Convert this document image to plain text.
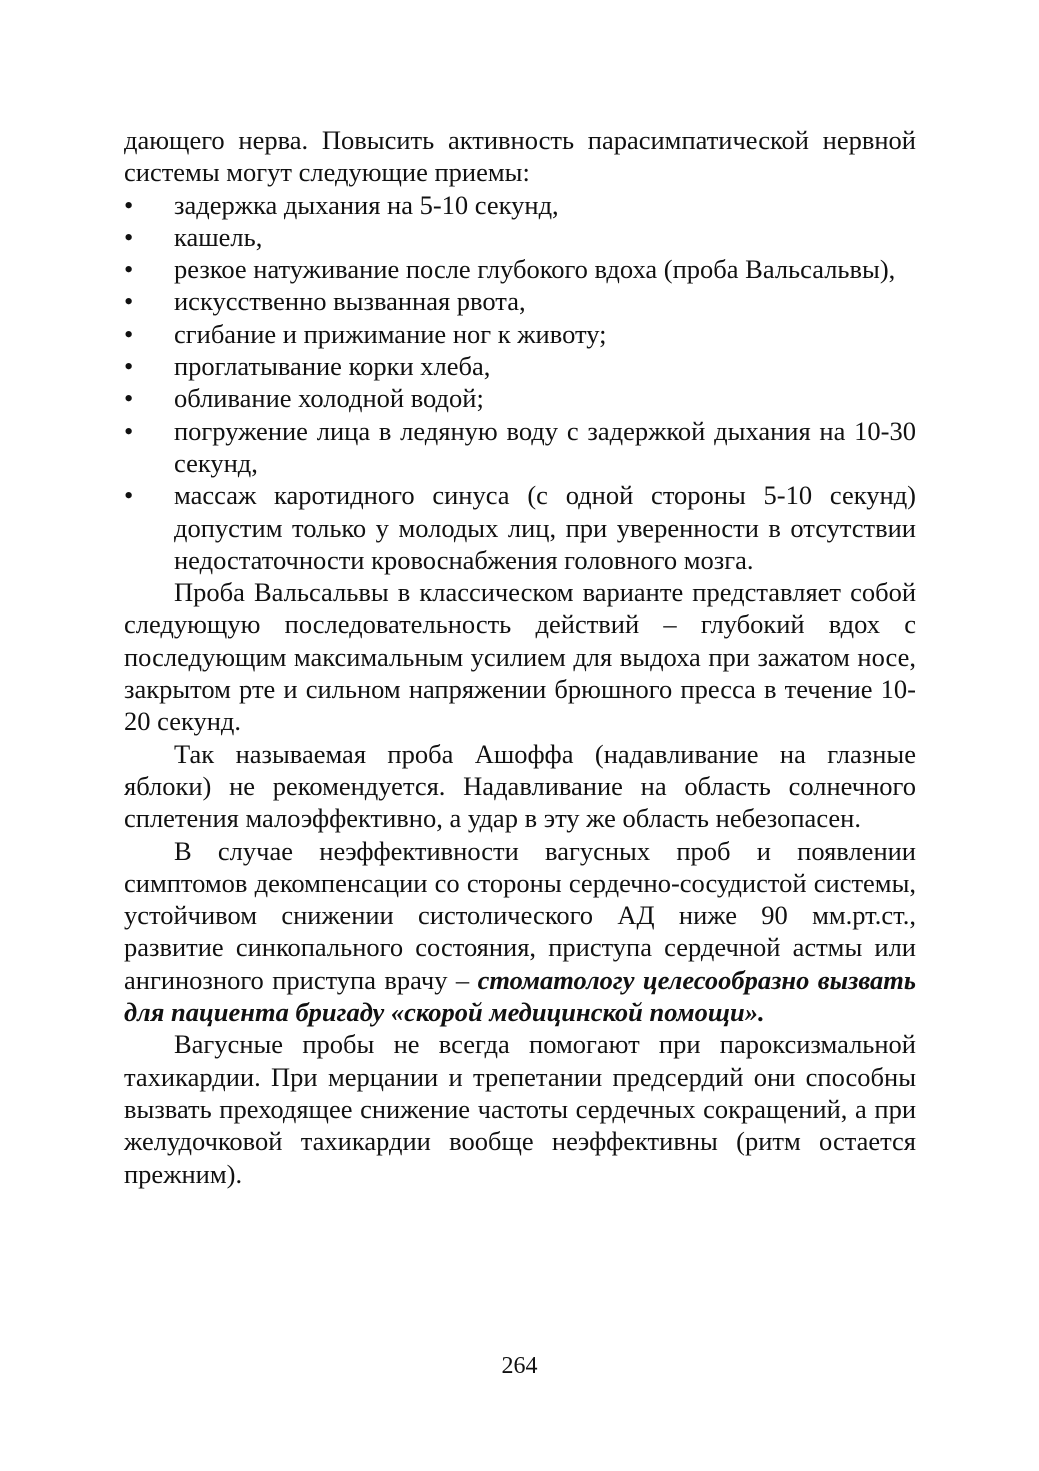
дающего нерва. Повысить активность парасимпатической нервной системы могут следующие приемы:

• задержка дыхания на 5-10 секунд,
• кашель,
• резкое натуживание после глубокого вдоха (проба Вальсальвы),
• искусственно вызванная рвота,
• сгибание и прижимание ног к животу;
• проглатывание корки хлеба,
• обливание холодной водой;
• погружение лица в ледяную воду с задержкой дыхания на 10-30 секунд,
• массаж каротидного синуса (с одной стороны 5-10 секунд) допустим только у молодых лиц, при уверенности в отсутствии недостаточности кровоснабжения головного мозга.

Проба Вальсальвы в классическом варианте представляет собой следующую последовательность действий – глубокий вдох с последующим максимальным усилием для выдоха при зажатом носе, закрытом рте и сильном напряжении брюшного пресса в течение 10-20 секунд.

Так называемая проба Ашоффа (надавливание на глазные яблоки) не рекомендуется. Надавливание на область солнечного сплетения малоэффективно, а удар в эту же область небезопасен.

В случае неэффективности вагусных проб и появлении симптомов декомпенсации со стороны сердечно-сосудистой системы, устойчивом снижении систолического АД ниже 90 мм.рт.ст., развитие синкопального состояния, приступа сердечной астмы или ангинозного приступа врачу – стоматологу целесообразно вызвать для пациента бригаду «скорой медицинской помощи».

Вагусные пробы не всегда помогают при пароксизмальной тахикардии. При мерцании и трепетании предсердий они способны вызвать преходящее снижение частоты сердечных сокращений, а при желудочковой тахикардии вообще неэффективны (ритм остается прежним).

264
